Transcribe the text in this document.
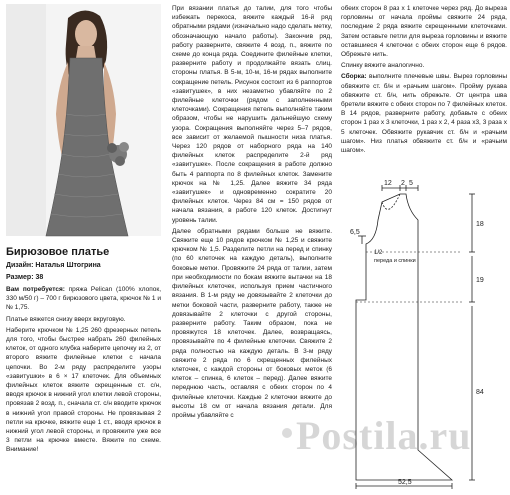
Бирюзовое платье

Дизайн: Наталья Штогрина

Размер: 38

Вам потребуется: пряжа Pelican (100% хлопок, 330 м/50 г) – 700 г бирюзового цвета, крючок № 1 и № 1,75.

Платье вяжется снизу вверх вкруговую.

Наберите крючком № 1,25 260 фрезерных петель для того, чтобы быстрее набрать 260 филейных клеток, от одного клубка наберите цепочку из 2, от второго вяжите филейные клетки с начала цепочки. Во 2-м ряду распределите узоры «завитушки» в 6 × 17 клеточек. Для объемных филейных клеток вяжите скрещенные ст. с/н, вводя крючок в нижний угол клетки левой стороны, провязав 2 возд. п., сначала ст. с/н вводите крючок в нижний угол правой стороны. Не провязывая 2 петли на крючке, вяжите еще 1 ст., вводя крючок в нижний угол левой стороны, и провяжите уже все 3 петли на крючке вместе. Вяжите по схеме. Внимание!

При вязании платья до талии, для того чтобы избежать перекоса, вяжите каждый 16-й ряд обратными рядами (изначально надо сделать метку, обозначающую начало работы). Закончив ряд, работу разверните, свяжите 4 возд. п., вяжите по схеме до конца ряда. Соедините филейные клетки, разверните работу и продолжайте вязать слиц. стороны платья. В 5-м, 10-м, 16-м рядах выполните сокращение петель. Рисунок состоит из 6 раппортов «завитушек», в них незаметно убавляйте по 2 филейные клеточки (рядом с заполненными клеточками). Сокращения петель выполняйте таким образом, чтобы не нарушить дальнейшую схему узора. Сокращения выполняйте через 5–7 рядов, все зависит от желаемой пышности низа платья. Через 120 рядов от наборного ряда на 140 филейных клеток распределите 2-й ряд «завитушек». После сокращения в работе должно быть 4 раппорта по 8 филейных клеток. Замените крючок на № 1,25. Далее вяжите 34 ряда «завитушек» и одновременно сократите 20 филейных клеток. Через 84 см = 150 рядов от начала вязания, в работе 120 клеток. Достигнут уровень талии.

Далее обратными рядами больше не вяжите. Свяжите еще 10 рядов крючком № 1,25 и свяжите крючком № 1,5. Разделите петли на перед и спинку (по 60 клеточек на каждую деталь), выполните боковые метки. Провяжите 24 ряда от талии, затем при необходимости по бокам вяжите вытачки на 18 филейных клеточек, используя прием частичного вязания. В 1-м ряду не довязывайте 2 клеточки до метки боковой части, разверните работу, также не довязывайте 2 клеточки с другой стороны, разверните работу. Таким образом, пока не провяжутся 18 клеточек. Далее, возвращаясь, провязывайте по 4 филейные клеточки. Свяжите 2 ряда полностью на каждую деталь. В 3-м ряду свяжите 2 ряда по 6 скрещенных филейных клеточек, с каждой стороны от боковых меток (6 клеток – спинка, 6 клеток – перед). Далее вяжите переднюю часть, оставляя с обеих сторон по 4 филейные клеточки. Каждые 2 клеточки вяжите до высоты 18 см от начала вязания детали. Для проймы убавляйте с

обеих сторон 8 раз х 1 клеточке через ряд. До выреза горловины от начала проймы свяжите 24 ряда, последние 2 ряда вяжите скрещенными клеточками. Затем оставьте петли для выреза горловины и вяжите оставшиеся 4 клеточки с обеих сторон еще 6 рядов. Обрежьте нить.

Спинку вяжите аналогично.

Сборка: выполните плечевые швы. Вырез горловины обвяжите ст. б/н и «рачьим шагом». Пройму рукава обвяжите ст. б/н, нить обрежьте. От центра шва бретели вяжите с обеих сторон по 7 филейных клеток. В 14 рядов, разверните работу, добавьте с обеих сторон 1 раз х 3 клеточки, 1 раз х 2, 4 раза х3, 3 раза х 5 клеточек. Обвяжите рукавчик ст. б/н и «рачьим шагом». Низ платья обвяжите ст. б/н и «рачьим шагом».

12 2 5
6,5
18
19
84
52,5
1/2
переда и спинки
Postila.ru
